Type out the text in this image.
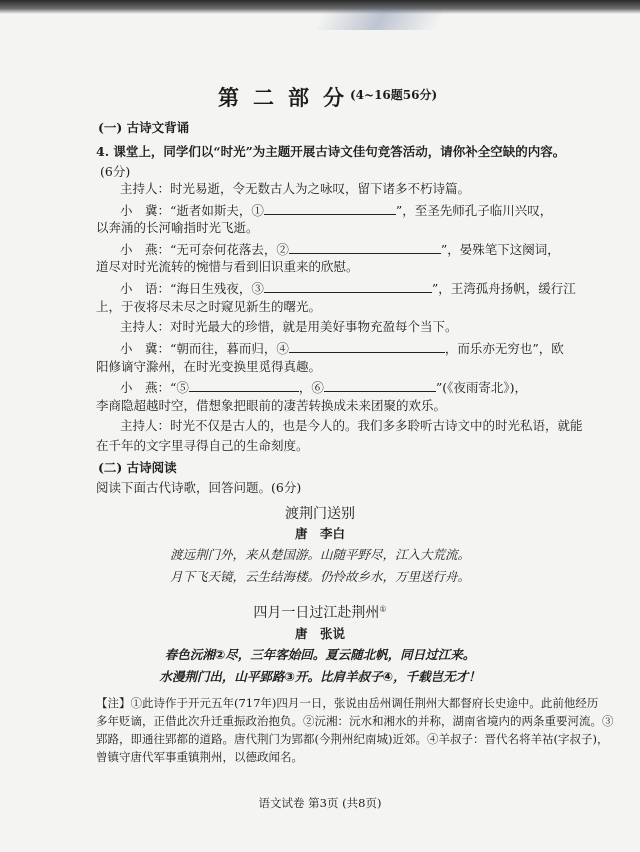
第二部分
(4~16题56分)
(一) 古诗文背诵
4. 课堂上，同学们以“时光”为主题开展古诗文佳句竞答活动，请你补全空缺的内容。
(6分)
主持人：时光易逝，令无数古人为之咏叹，留下诸多不朽诗篇。
小　冀：“逝者如斯夫，①	”，至圣先师孔子临川兴叹，
以奔涌的长河喻指时光飞逝。
小　燕：“无可奈何花落去，②	”，晏殊笔下这阕词，
道尽对时光流转的惋惜与看到旧识重来的欣慰。
小　语：“海日生残夜，③	”，王湾孤舟扬帆，缓行江
上，于夜将尽未尽之时窥见新生的曙光。
主持人：对时光最大的珍惜，就是用美好事物充盈每个当下。
小　冀：“朝而往，暮而归，④	，而乐亦无穷也”，欧
阳修谪守滁州，在时光变换里觅得真趣。
小　燕：“⑤	，⑥	”(《夜雨寄北》)，
李商隐超越时空，借想象把眼前的凄苦转换成未来团聚的欢乐。
主持人：时光不仅是古人的，也是今人的。我们多多聆听古诗文中的时光私语，就能
在千年的文字里寻得自己的生命刻度。
(二) 古诗阅读
阅读下面古代诗歌，回答问题。(6分)
渡荆门送别
唐　李白
渡远荆门外，来从楚国游。山随平野尽，江入大荒流。
月下飞天镜，云生结海楼。仍怜故乡水，万里送行舟。
四月一日过江赴荆州①
唐　张说
春色沅湘②尽，三年客始回。夏云随北帆，同日过江来。
水漫荆门出，山平郢路③开。比肩羊叔子④，千载岂无才！
【注】①此诗作于开元五年(717年)四月一日，张说由岳州调任荆州大都督府长史途中。此前他经历
多年贬谪，正借此次升迁重振政治抱负。②沅湘：沅水和湘水的并称，湖南省境内的两条重要河流。③
郢路，即通往郢都的道路。唐代荆门为郢都(今荆州纪南城)近郊。④羊叔子：晋代名将羊祜(字叔子)，
曾镇守唐代军事重镇荆州，以德政闻名。
语文试卷 第3页 (共8页)
